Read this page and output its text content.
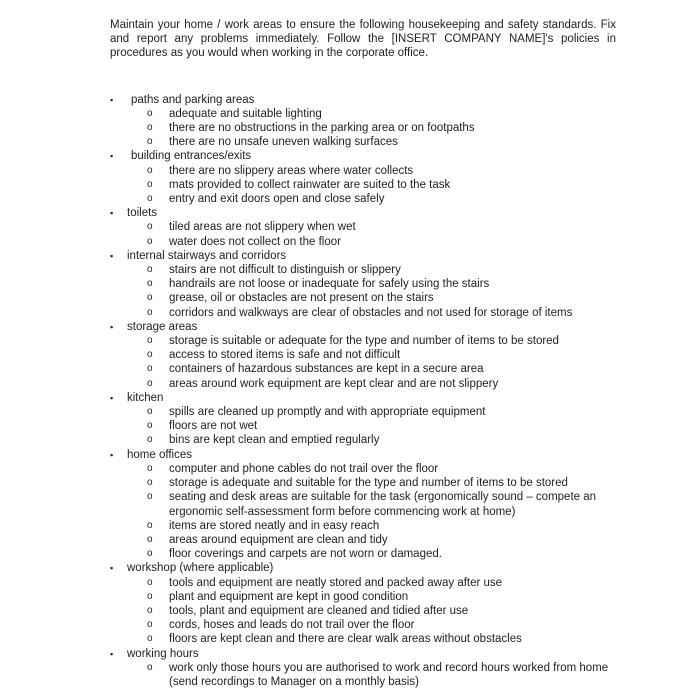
Maintain your home / work areas to ensure the following housekeeping and safety standards. Fix and report any problems immediately. Follow the [INSERT COMPANY NAME]'s policies in procedures as you would when working in the corporate office.

▪ paths and parking areas
o adequate and suitable lighting
o there are no obstructions in the parking area or on footpaths
o there are no unsafe uneven walking surfaces
▪ building entrances/exits
o there are no slippery areas where water collects
o mats provided to collect rainwater are suited to the task
o entry and exit doors open and close safely
▪ toilets
o tiled areas are not slippery when wet
o water does not collect on the floor
▪ internal stairways and corridors
o stairs are not difficult to distinguish or slippery
o handrails are not loose or inadequate for safely using the stairs
o grease, oil or obstacles are not present on the stairs
o corridors and walkways are clear of obstacles and not used for storage of items
▪ storage areas
o storage is suitable or adequate for the type and number of items to be stored
o access to stored items is safe and not difficult
o containers of hazardous substances are kept in a secure area
o areas around work equipment are kept clear and are not slippery
▪ kitchen
o spills are cleaned up promptly and with appropriate equipment
o floors are not wet
o bins are kept clean and emptied regularly
▪ home offices
o computer and phone cables do not trail over the floor
o storage is adequate and suitable for the type and number of items to be stored
o seating and desk areas are suitable for the task (ergonomically sound – compete an ergonomic self-assessment form before commencing work at home)
o items are stored neatly and in easy reach
o areas around equipment are clean and tidy
o floor coverings and carpets are not worn or damaged.
▪ workshop (where applicable)
o tools and equipment are neatly stored and packed away after use
o plant and equipment are kept in good condition
o tools, plant and equipment are cleaned and tidied after use
o cords, hoses and leads do not trail over the floor
o floors are kept clean and there are clear walk areas without obstacles
▪ working hours
o work only those hours you are authorised to work and record hours worked from home (send recordings to Manager on a monthly basis)
